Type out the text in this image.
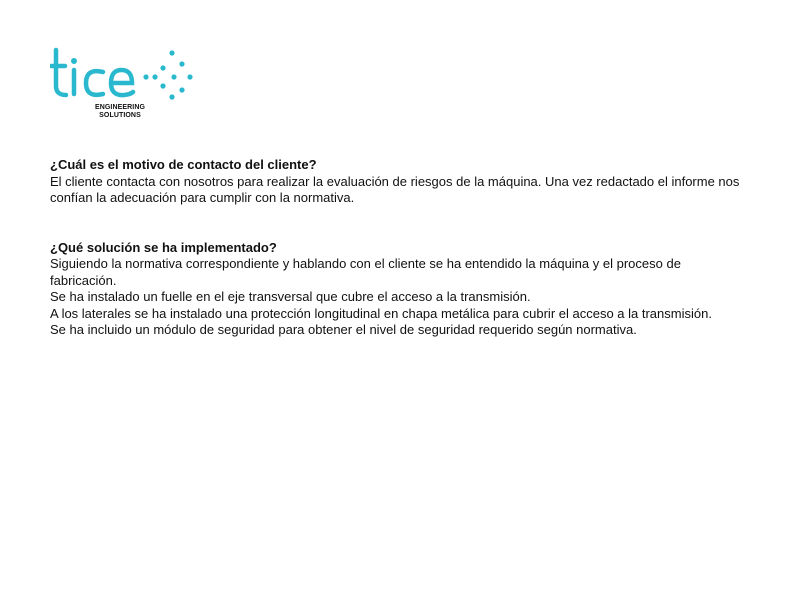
ENGINEERING
SOLUTIONS

¿Cuál es el motivo de contacto del cliente?

El cliente contacta con nosotros para realizar la evaluación de riesgos de la máquina. Una vez redactado el informe nos confían la adecuación para cumplir con la normativa.

¿Qué solución se ha implementado?

Siguiendo la normativa correspondiente y hablando con el cliente se ha entendido la máquina y el proceso de fabricación.

Se ha instalado un fuelle en el eje transversal que cubre el acceso a la transmisión.

A los laterales se ha instalado una protección longitudinal en chapa metálica para cubrir el acceso a la transmisión.

Se ha incluido un módulo de seguridad para obtener el nivel de seguridad requerido según normativa.
